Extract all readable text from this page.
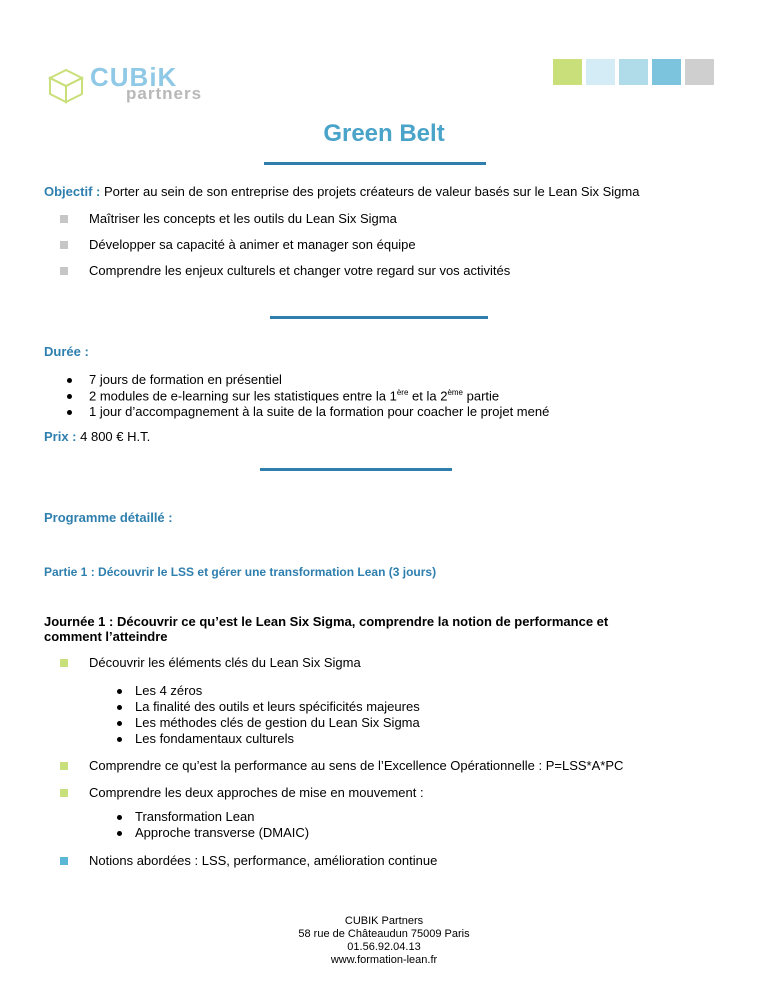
CUBiK
partners
Green Belt
Objectif : Porter au sein de son entreprise des projets créateurs de valeur basés sur le Lean Six Sigma
Maîtriser les concepts et les outils du Lean Six Sigma
Développer sa capacité à animer et manager son équipe
Comprendre les enjeux culturels et changer votre regard sur vos activités
Durée :
7 jours de formation en présentiel
2 modules de e-learning sur les statistiques entre la 1ère et la 2ème partie
1 jour d’accompagnement à la suite de la formation pour coacher le projet mené
Prix : 4 800 € H.T.
Programme détaillé :
Partie 1 : Découvrir le LSS et gérer une transformation Lean (3 jours)
Journée 1 : Découvrir ce qu’est le Lean Six Sigma, comprendre la notion de performance et
comment l’atteindre
Découvrir les éléments clés du Lean Six Sigma
Les 4 zéros
La finalité des outils et leurs spécificités majeures
Les méthodes clés de gestion du Lean Six Sigma
Les fondamentaux culturels
Comprendre ce qu’est la performance au sens de l’Excellence Opérationnelle : P=LSS*A*PC
Comprendre les deux approches de mise en mouvement :
Transformation Lean
Approche transverse (DMAIC)
Notions abordées : LSS, performance, amélioration continue
CUBIK Partners
58 rue de Châteaudun 75009 Paris
01.56.92.04.13
www.formation-lean.fr
